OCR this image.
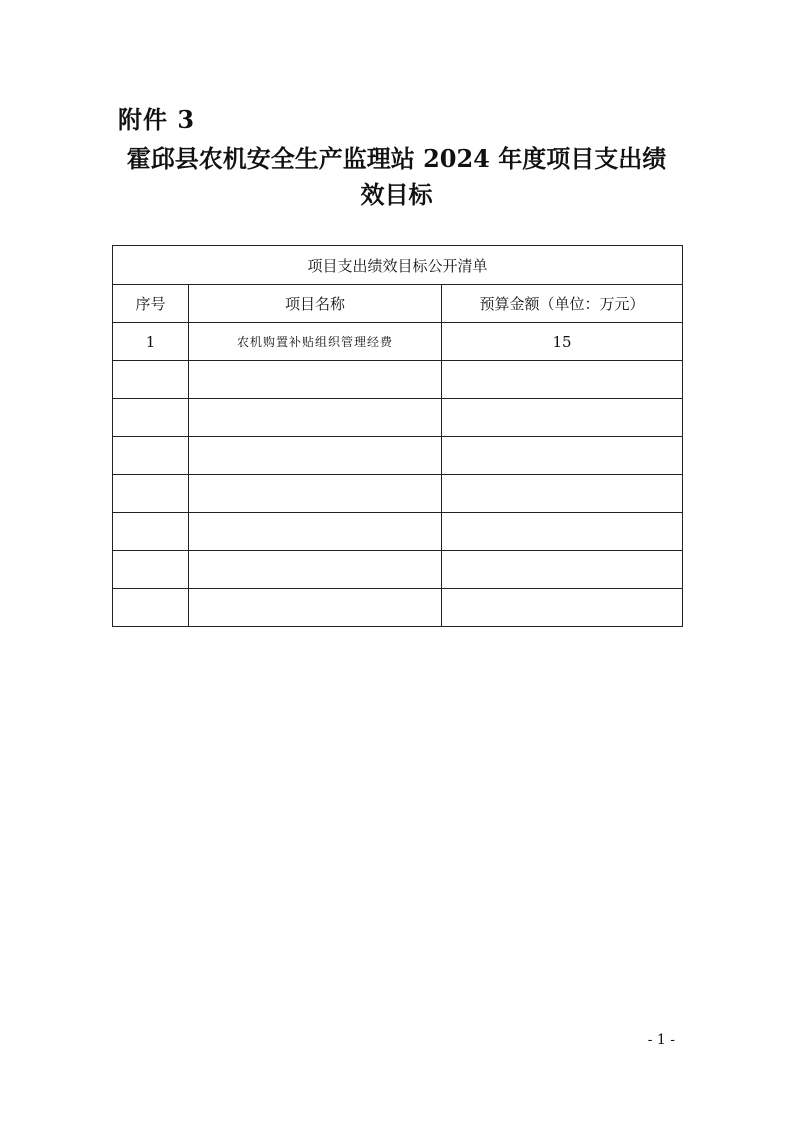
附件 3
霍邱县农机安全生产监理站 2024 年度项目支出绩
效目标
项目支出绩效目标公开清单		
序号	项目名称	预算金额（单位：万元）
1	农机购置补贴组织管理经费	15

- 1 -
